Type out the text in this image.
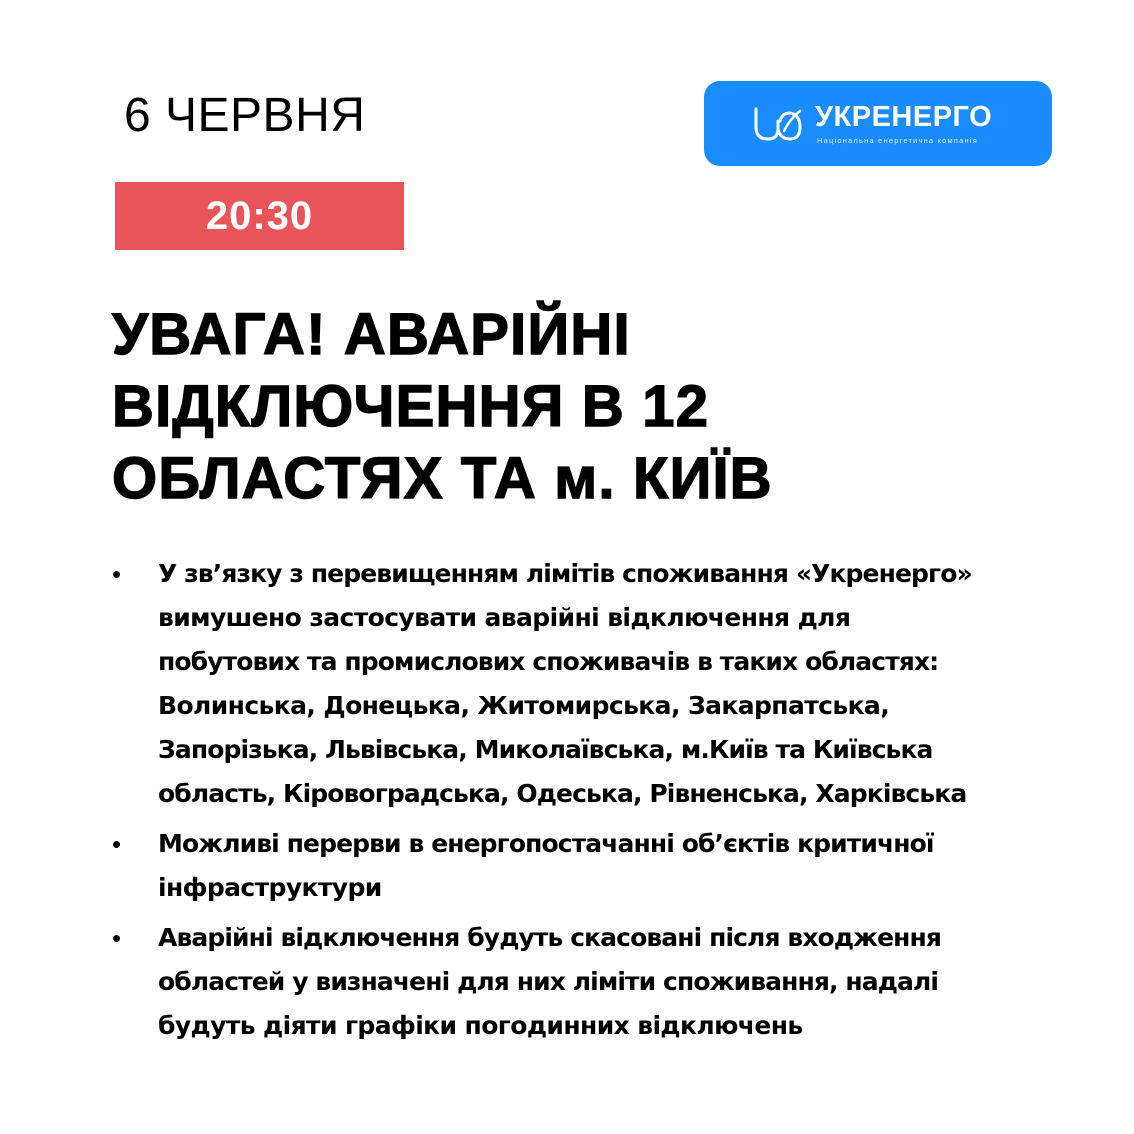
6 ЧЕРВНЯ
20:30
УКРЕНЕРГО
Національна енергетична компанія
УВАГА! АВАРІЙНІ
ВІДКЛЮЧЕННЯ В 12
ОБЛАСТЯХ ТА м. КИЇВ
• У зв’язку з перевищенням лімітів споживання «Укренерго»
вимушено застосувати аварійні відключення для
побутових та промислових споживачів в таких областях:
Волинська, Донецька, Житомирська, Закарпатська,
Запорізька, Львівська, Миколаївська, м.Київ та Київська
область, Кіровоградська, Одеська, Рівненська, Харківська
• Можливі перерви в енергопостачанні об’єктів критичної
інфраструктури
• Аварійні відключення будуть скасовані після входження
областей у визначені для них ліміти споживання, надалі
будуть діяти графіки погодинних відключень
